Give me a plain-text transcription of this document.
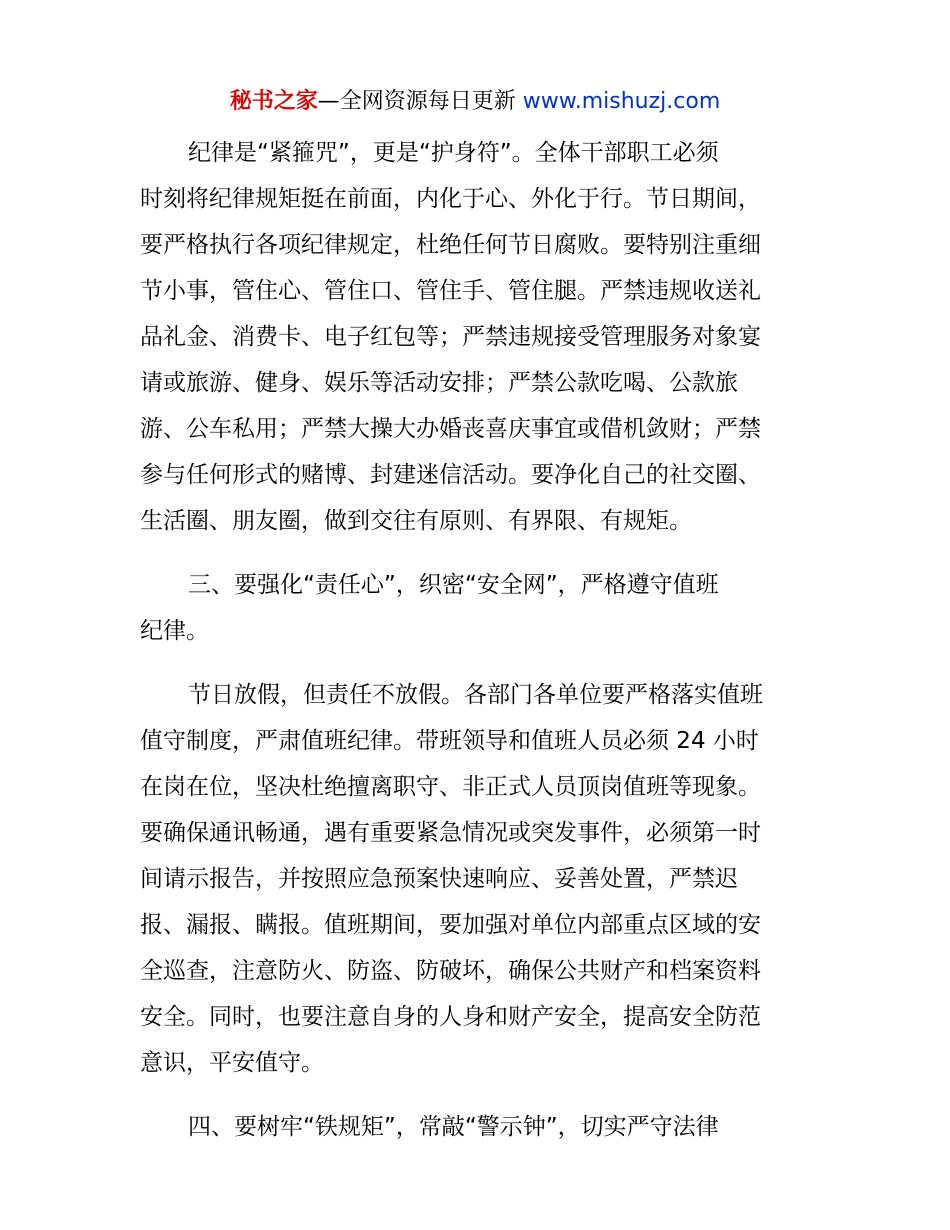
秘书之家—全网资源每日更新 www.mishuzj.com

纪律是“紧箍咒”，更是“护身符”。全体干部职工必须
时刻将纪律规矩挺在前面，内化于心、外化于行。节日期间，
要严格执行各项纪律规定，杜绝任何节日腐败。要特别注重细
节小事，管住心、管住口、管住手、管住腿。严禁违规收送礼
品礼金、消费卡、电子红包等；严禁违规接受管理服务对象宴
请或旅游、健身、娱乐等活动安排；严禁公款吃喝、公款旅
游、公车私用；严禁大操大办婚丧喜庆事宜或借机敛财；严禁
参与任何形式的赌博、封建迷信活动。要净化自己的社交圈、
生活圈、朋友圈，做到交往有原则、有界限、有规矩。

三、要强化“责任心”，织密“安全网”，严格遵守值班
纪律。

节日放假，但责任不放假。各部门各单位要严格落实值班
值守制度，严肃值班纪律。带班领导和值班人员必须 24 小时
在岗在位，坚决杜绝擅离职守、非正式人员顶岗值班等现象。
要确保通讯畅通，遇有重要紧急情况或突发事件，必须第一时
间请示报告，并按照应急预案快速响应、妥善处置，严禁迟
报、漏报、瞒报。值班期间，要加强对单位内部重点区域的安
全巡查，注意防火、防盗、防破坏，确保公共财产和档案资料
安全。同时，也要注意自身的人身和财产安全，提高安全防范
意识，平安值守。

四、要树牢“铁规矩”，常敲“警示钟”，切实严守法律
